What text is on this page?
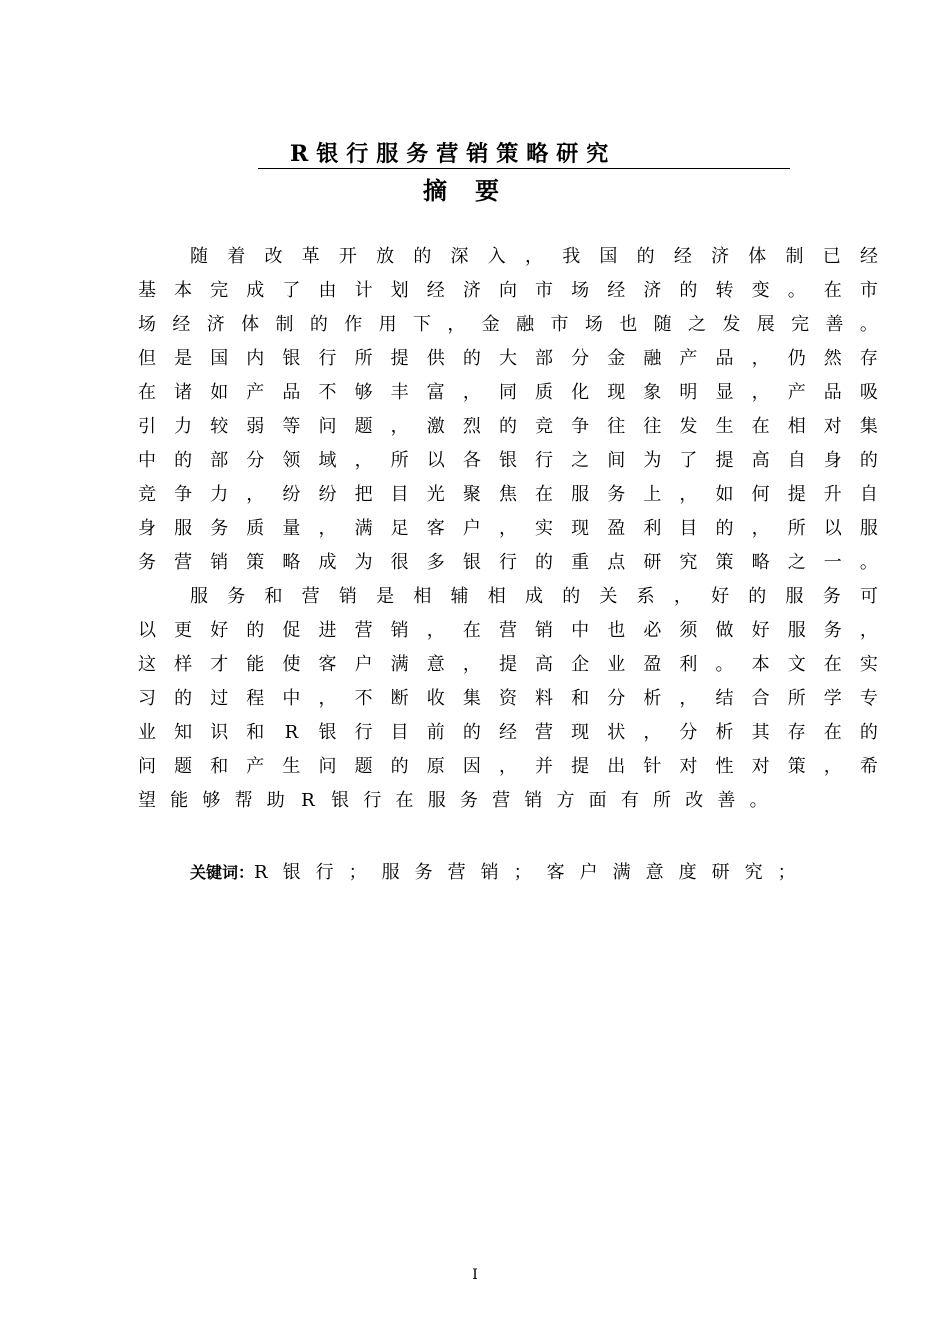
R银行服务营销策略研究
摘要
随 着 改 革 开 放 的 深 入 ， 我 国 的 经 济 体 制 已 经
基 本 完 成 了 由 计 划 经 济 向 市 场 经 济 的 转 变 。 在 市
场 经 济 体 制 的 作 用 下 ， 金 融 市 场 也 随 之 发 展 完 善 。
但 是 国 内 银 行 所 提 供 的 大 部 分 金 融 产 品 ， 仍 然 存
在 诸 如 产 品 不 够 丰 富 ， 同 质 化 现 象 明 显 ， 产 品 吸
引 力 较 弱 等 问 题 ， 激 烈 的 竞 争 往 往 发 生 在 相 对 集
中 的 部 分 领 域 ， 所 以 各 银 行 之 间 为 了 提 高 自 身 的
竞 争 力 ， 纷 纷 把 目 光 聚 焦 在 服 务 上 ， 如 何 提 升 自
身 服 务 质 量 ， 满 足 客 户 ， 实 现 盈 利 目 的 ， 所 以 服
务 营 销 策 略 成 为 很 多 银 行 的 重 点 研 究 策 略 之 一 。
服 务 和 营 销 是 相 辅 相 成 的 关 系 ， 好 的 服 务 可
以 更 好 的 促 进 营 销 ， 在 营 销 中 也 必 须 做 好 服 务 ，
这 样 才 能 使 客 户 满 意 ， 提 高 企 业 盈 利 。 本 文 在 实
习 的 过 程 中 ， 不 断 收 集 资 料 和 分 析 ， 结 合 所 学 专
业 知 识 和 R 银 行 目 前 的 经 营 现 状 ， 分 析 其 存 在 的
问 题 和 产 生 问 题 的 原 因 ， 并 提 出 针 对 性 对 策 ， 希
望 能 够 帮 助 R 银 行 在 服 务 营 销 方 面 有 所 改 善 。
关键词：R银行；服务营销；客户满意度研究；
I
